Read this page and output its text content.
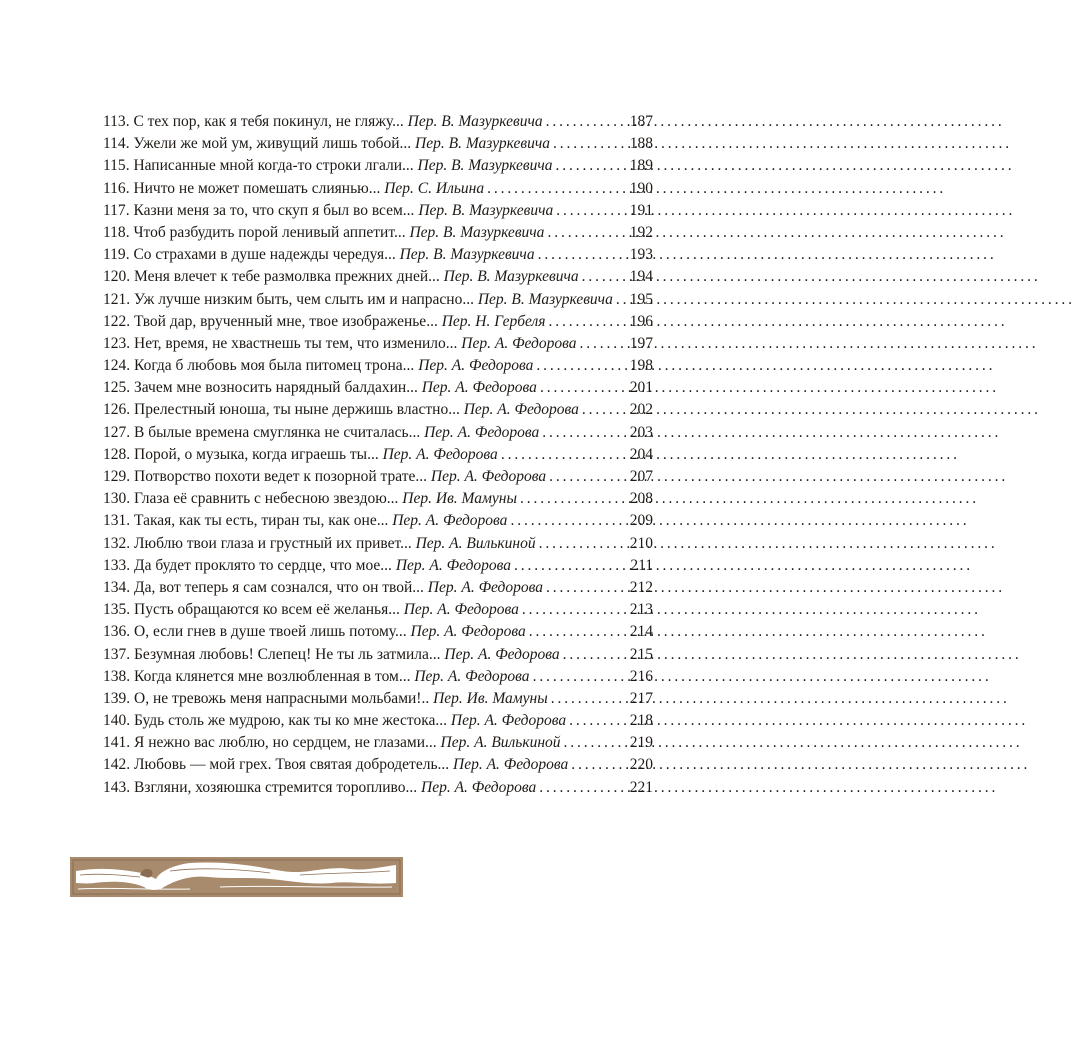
113 . С тех пор, как я тебя покинул, не гляжу... Пер. В. Мазуркевича . . .	187
114 . Ужели же мой ум, живущий лишь тобой... Пер. В. Мазуркевича . . .	188
115 . Написанные мной когда-то строки лгали... Пер. В. Мазуркевича . . .	189
116 . Ничто не может помешать слиянью... Пер. С. Ильина . . .	190
117 . Казни меня за то, что скуп я был во всем... Пер. В. Мазуркевича . . .	191
118 . Чтоб разбудить порой ленивый аппетит... Пер. В. Мазуркевича . . .	192
119 . Со страхами в душе надежды чередуя... Пер. В. Мазуркевича . . .	193
120 . Меня влечет к тебе размолвка прежних дней... Пер. В. Мазуркевича . . .	194
121 . Уж лучше низким быть, чем слыть им и напрасно... Пер. В. Мазуркевича . . . 195
122 . Твой дар, врученный мне, твое изображенье... Пер. Н. Гербеля . . .	196
123 . Нет, время, не хвастнешь ты тем, что изменило... Пер. А. Федорова . . .	197
124 . Когда б любовь моя была питомец трона... Пер. А. Федорова . . .	198
125 . Зачем мне возносить нарядный балдахин... Пер. А. Федорова . . .	201
126 . Прелестный юноша, ты ныне держишь властно... Пер. А. Федорова . . .	202
127 . В былые времена смуглянка не считалась... Пер. А. Федорова . . .	203
128 . Порой, о музыка, когда играешь ты... Пер. А. Федорова . . .	204
129 . Потворство похоти ведет к позорной трате... Пер. А. Федорова . . .	207
130 . Глаза её сравнить с небесною звездою... Пер. Ив. Мамуны . . .	208
131 . Такая, как ты есть, тиран ты, как оне... Пер. А. Федорова . . .	209
132 . Люблю твои глаза и грустный их привет... Пер. А. Вилькиной . . .	210
133 . Да будет проклято то сердце, что мое... Пер. А. Федорова . . .	211
134 . Да, вот теперь я сам сознался, что он твой... Пер. А. Федорова . . .	212
135 . Пусть обращаются ко всем её желанья... Пер. А. Федорова . . .	213
136 . О, если гнев в душе твоей лишь потому... Пер. А. Федорова . . .	214
137 . Безумная любовь! Слепец! Не ты ль затмила... Пер. А. Федорова . . .	215
138 . Когда клянется мне возлюбленная в том... Пер. А. Федорова . . .	216
139 . О, не тревожь меня напрасными мольбами!.. Пер. Ив. Мамуны . . .	217
140 . Будь столь же мудрою, как ты ко мне жестока... Пер. А. Федорова . . .	218
141 . Я нежно вас люблю, но сердцем, не глазами... Пер. А. Вилькиной . . .	219
142 . Любовь — мой грех. Твоя святая добродетель... Пер. А. Федорова . . .	220
143 . Взгляни, хозяюшка стремится торопливо... Пер. А. Федорова . . .	221
